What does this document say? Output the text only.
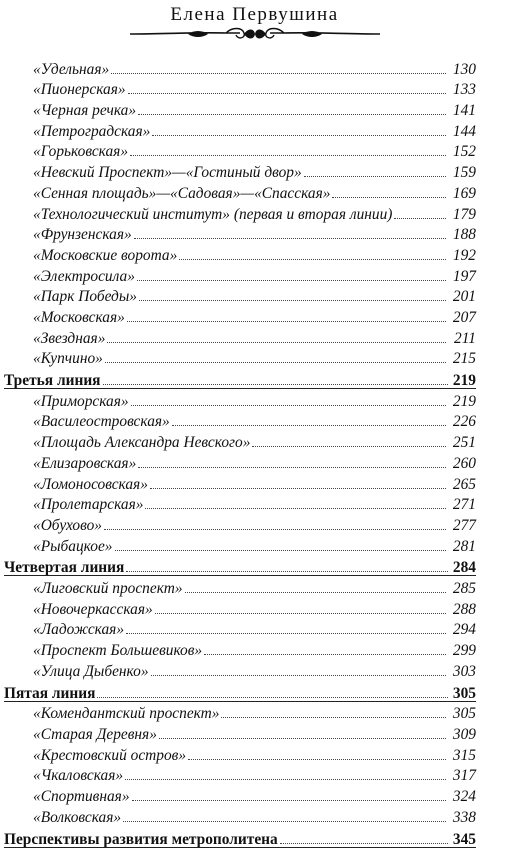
Елена Первушина
«Удельная»	130
«Пионерская»	133
«Черная речка»	141
«Петроградская»	144
«Горьковская»	152
«Невский Проспект»—«Гостиный двор»	159
«Сенная площадь»—«Садовая»—«Спасская»	169
«Технологический институт» (первая и вторая линии)	179
«Фрунзенская»	188
«Московские ворота»	192
«Электросила»	197
«Парк Победы»	201
«Московская»	207
«Звездная»	211
«Купчино»	215
Третья линия	219
«Приморская»	219
«Василеостровская»	226
«Площадь Александра Невского»	251
«Елизаровская»	260
«Ломоносовская»	265
«Пролетарская»	271
«Обухово»	277
«Рыбацкое»	281
Четвертая линия	284
«Лиговский проспект»	285
«Новочеркасская»	288
«Ладожская»	294
«Проспект Большевиков»	299
«Улица Дыбенко»	303
Пятая линия	305
«Комендантский проспект»	305
«Старая Деревня»	309
«Крестовский остров»	315
«Чкаловская»	317
«Спортивная»	324
«Волковская»	338
Перспективы развития метрополитена	345
